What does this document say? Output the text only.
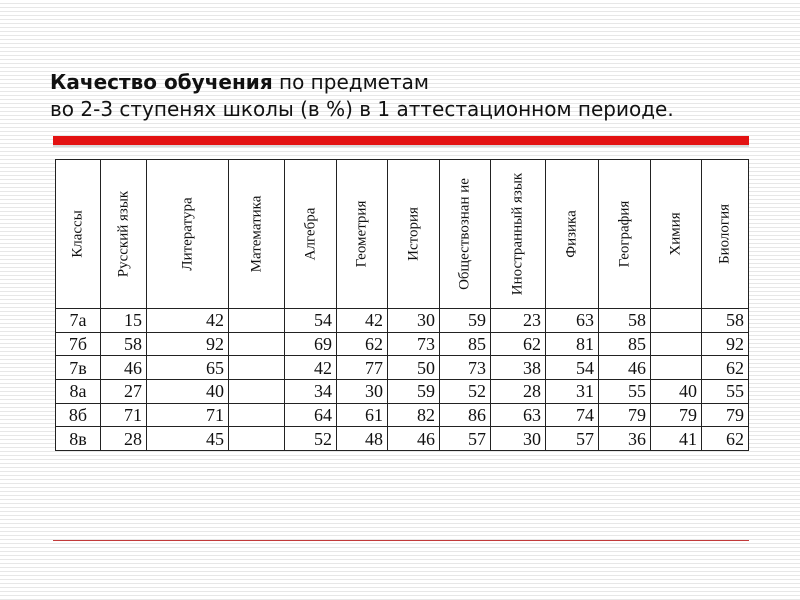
Качество обучения по предметам
во 2-3 ступенях школы (в %) в 1 аттестационном периоде.
Классы	Русский язык	Литература	Математика	Алгебра	Геометрия	История	Обществознан ие	Иностранный язык	Физика	География	Химия	Биология

7а	15	42		54	42	30	59	23	63	58		58
7б	58	92		69	62	73	85	62	81	85		92
7в	46	65		42	77	50	73	38	54	46		62
8а	27	40		34	30	59	52	28	31	55	40	55
8б	71	71		64	61	82	86	63	74	79	79	79
8в	28	45		52	48	46	57	30	57	36	41	62
